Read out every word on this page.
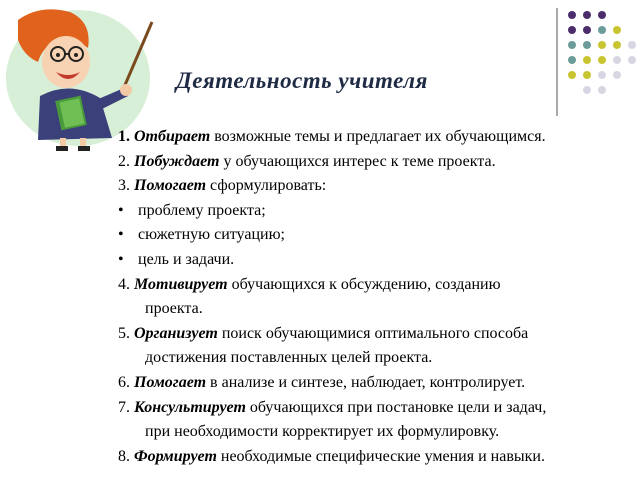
Деятельность учителя
1. Отбирает возможные темы и предлагает их обучающимся.
2. Побуждает у обучающихся интерес к теме проекта.
3. Помогает сформулировать:
• проблему проекта;
• сюжетную ситуацию;
• цель и задачи.
4. Мотивирует обучающихся к обсуждению, созданию
проекта.
5. Организует поиск обучающимися оптимального способа
достижения поставленных целей проекта.
6. Помогает в анализе и синтезе, наблюдает, контролирует.
7. Консультирует обучающихся при постановке цели и задач,
при необходимости корректирует их формулировку.
8. Формирует необходимые специфические умения и навыки.
